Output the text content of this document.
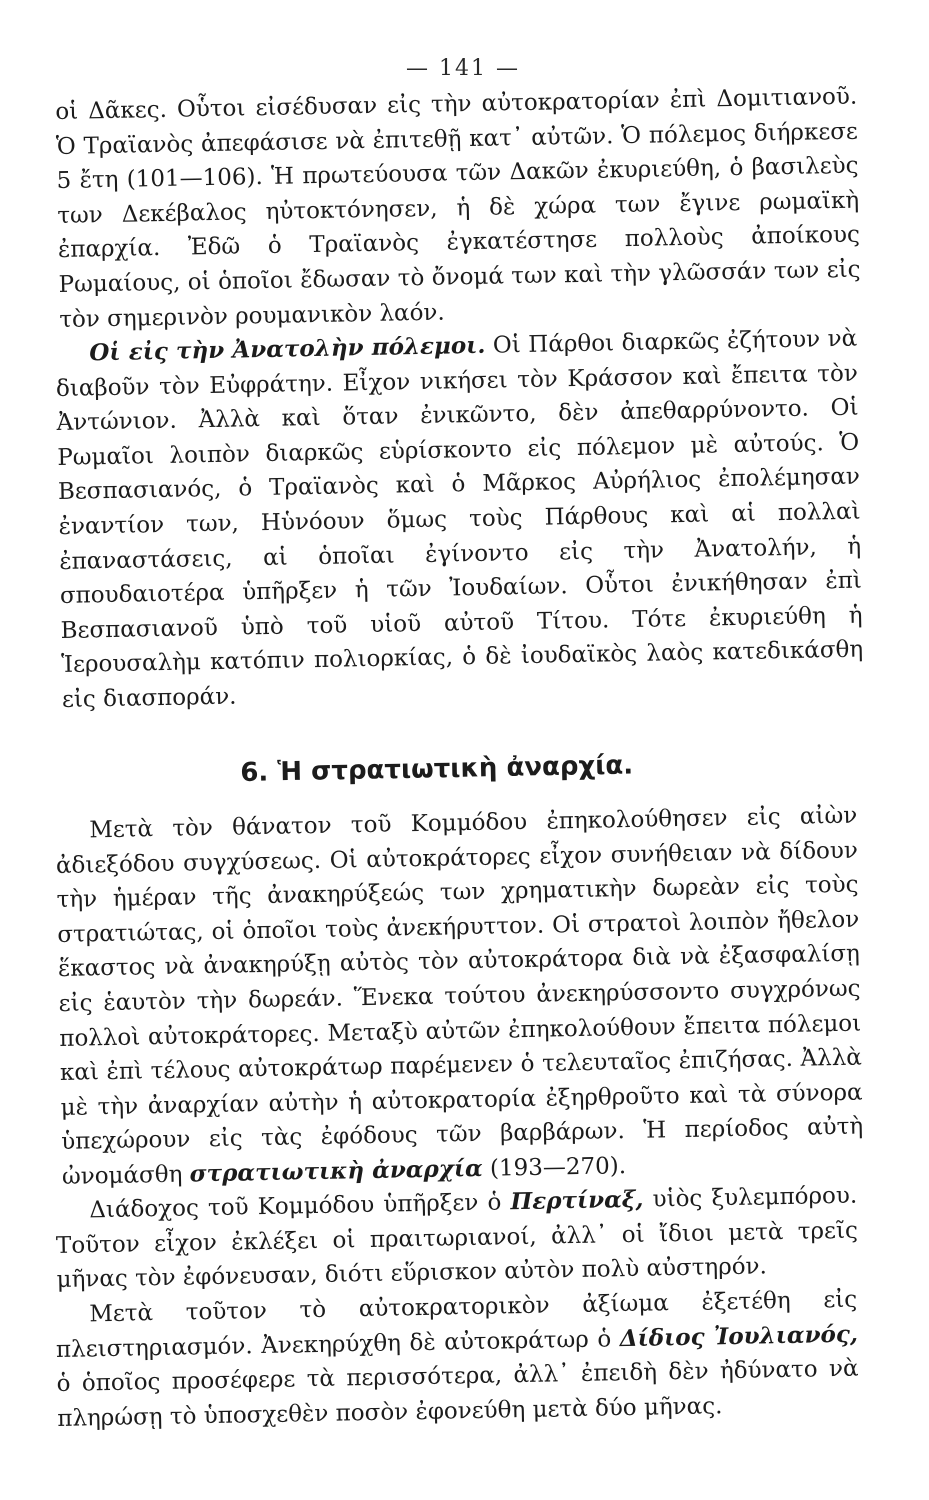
— 141 —

οἱ Δᾶκες. Οὗτοι εἰσέδυσαν εἰς τὴν αὐτοκρατορίαν ἐπὶ Δομιτιανοῦ. Ὁ Τραϊανὸς ἀπεφάσισε νὰ ἐπιτεθῇ κατ᾽ αὐτῶν. Ὁ πόλεμος διήρκεσε 5 ἔτη (101—106). Ἡ πρωτεύουσα τῶν Δακῶν ἐκυριεύθη, ὁ βασιλεὺς των Δεκέβαλος ηὐτοκτόνησεν, ἡ δὲ χώρα των ἔγινε ρωμαϊκὴ ἐπαρχία. Ἐδῶ ὁ Τραϊανὸς ἐγκατέστησε πολλοὺς ἀποίκους Ρωμαίους, οἱ ὁποῖοι ἔδωσαν τὸ ὄνομά των καὶ τὴν γλῶσσάν των εἰς τὸν σημερινὸν ρουμανικὸν λαόν.

Οἱ εἰς τὴν Ἀνατολὴν πόλεμοι. Οἱ Πάρθοι διαρκῶς ἐζήτουν νὰ διαβοῦν τὸν Εὐφράτην. Εἶχον νικήσει τὸν Κράσσον καὶ ἔπειτα τὸν Ἀντώνιον. Ἀλλὰ καὶ ὅταν ἐνικῶντο, δὲν ἀπεθαρρύνοντο. Οἱ Ρωμαῖοι λοιπὸν διαρκῶς εὑρίσκοντο εἰς πόλεμον μὲ αὐτούς. Ὁ Βεσπασιανός, ὁ Τραϊανὸς καὶ ὁ Μᾶρκος Αὐρήλιος ἐπολέμησαν ἐναντίον των, Ηὑνόουν ὅμως τοὺς Πάρθους καὶ αἱ πολλαὶ ἐπαναστάσεις, αἱ ὁποῖαι ἐγίνοντο εἰς τὴν Ἀνατολήν, ἡ σπουδαιοτέρα ὑπῆρξεν ἡ τῶν Ἰουδαίων. Οὗτοι ἐνικήθησαν ἐπὶ Βεσπασιανοῦ ὑπὸ τοῦ υἱοῦ αὐτοῦ Τίτου. Τότε ἐκυριεύθη ἡ Ἱερουσαλὴμ κατόπιν πολιορκίας, ὁ δὲ ἰουδαϊκὸς λαὸς κατεδικάσθη εἰς διασποράν.

6. Ἡ στρατιωτικὴ ἀναρχία.

Μετὰ τὸν θάνατον τοῦ Κομμόδου ἐπηκολούθησεν εἰς αἰὼν ἀδιεξόδου συγχύσεως. Οἱ αὐτοκράτορες εἶχον συνήθειαν νὰ δίδουν τὴν ἡμέραν τῆς ἀνακηρύξεώς των χρηματικὴν δωρεὰν εἰς τοὺς στρατιώτας, οἱ ὁποῖοι τοὺς ἀνεκήρυττον. Οἱ στρατοὶ λοιπὸν ἤθελον ἕκαστος νὰ ἀνακηρύξῃ αὐτὸς τὸν αὐτοκράτορα διὰ νὰ ἐξασφαλίσῃ εἰς ἑαυτὸν τὴν δωρεάν. Ἕνεκα τούτου ἀνεκηρύσσοντο συγχρόνως πολλοὶ αὐτοκράτορες. Μεταξὺ αὐτῶν ἐπηκολούθουν ἔπειτα πόλεμοι καὶ ἐπὶ τέλους αὐτοκράτωρ παρέμενεν ὁ τελευταῖος ἐπιζήσας. Ἀλλὰ μὲ τὴν ἀναρχίαν αὐτὴν ἡ αὐτοκρατορία ἐξηρθροῦτο καὶ τὰ σύνορα ὑπεχώρουν εἰς τὰς ἐφόδους τῶν βαρβάρων. Ἡ περίοδος αὐτὴ ὠνομάσθη στρατιωτικὴ ἀναρχία (193—270).

Διάδοχος τοῦ Κομμόδου ὑπῆρξεν ὁ Περτίναξ, υἱὸς ξυλεμπόρου. Τοῦτον εἶχον ἐκλέξει οἱ πραιτωριανοί, ἀλλ᾽ οἱ ἴδιοι μετὰ τρεῖς μῆνας τὸν ἐφόνευσαν, διότι εὕρισκον αὐτὸν πολὺ αὐστηρόν.

Μετὰ τοῦτον τὸ αὐτοκρατορικὸν ἀξίωμα ἐξετέθη εἰς πλειστηριασμόν. Ἀνεκηρύχθη δὲ αὐτοκράτωρ ὁ Δίδιος Ἰουλιανός, ὁ ὁποῖος προσέφερε τὰ περισσότερα, ἀλλ᾽ ἐπειδὴ δὲν ἠδύνατο νὰ πληρώσῃ τὸ ὑποσχεθὲν ποσὸν ἐφονεύθη μετὰ δύο μῆνας.
